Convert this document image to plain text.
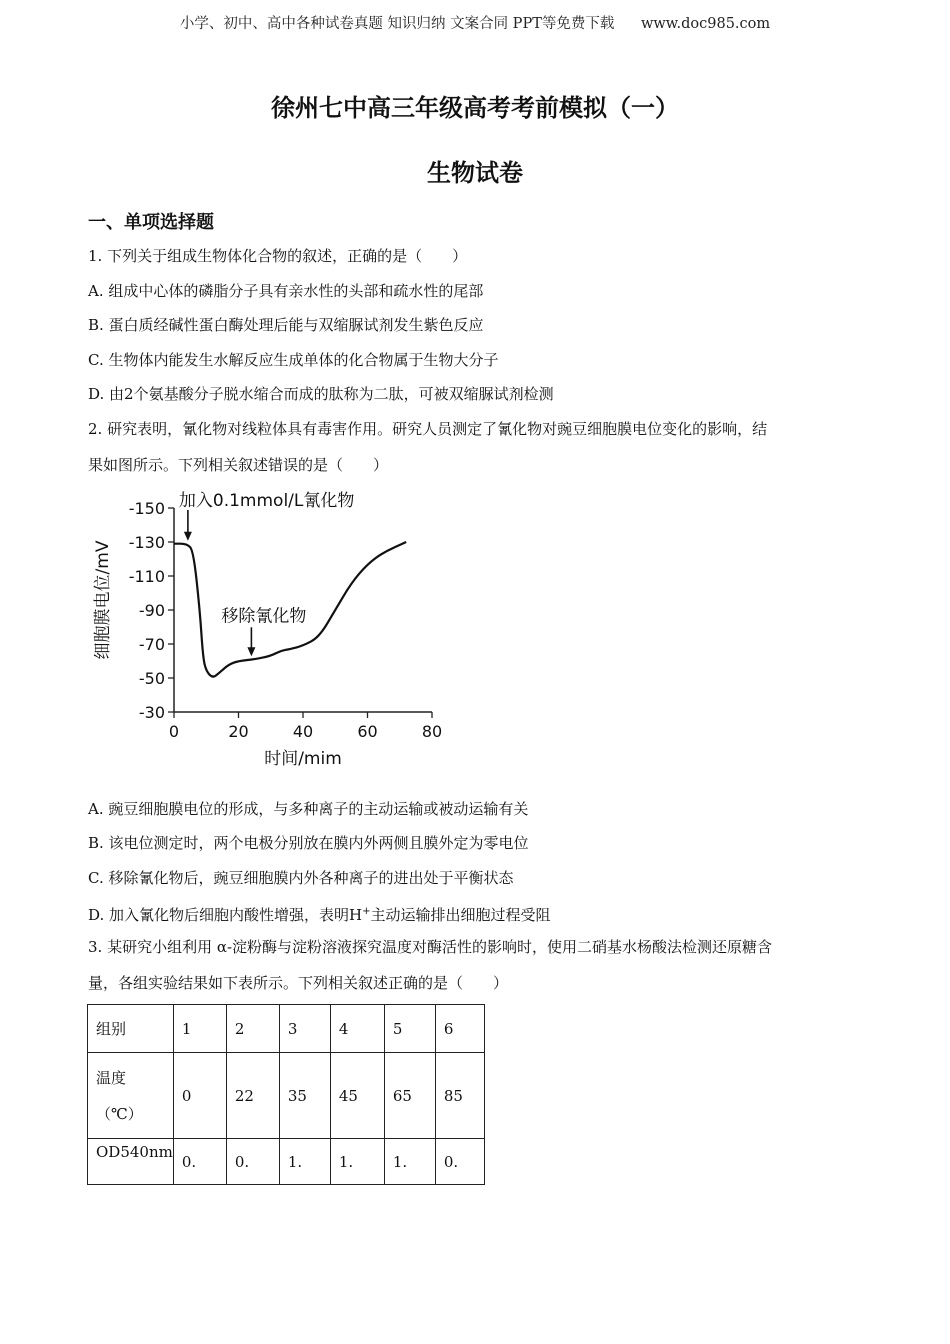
小学、初中、高中各种试卷真题 知识归纳 文案合同 PPT等免费下载 www.doc985.com
徐州七中高三年级高考考前模拟（一）
生物试卷
一、单项选择题
1. 下列关于组成生物体化合物的叙述，正确的是（　　）
A. 组成中心体的磷脂分子具有亲水性的头部和疏水性的尾部
B. 蛋白质经碱性蛋白酶处理后能与双缩脲试剂发生紫色反应
C. 生物体内能发生水解反应生成单体的化合物属于生物大分子
D. 由2个氨基酸分子脱水缩合而成的肽称为二肽，可被双缩脲试剂检测
2. 研究表明，氰化物对线粒体具有毒害作用。研究人员测定了氰化物对豌豆细胞膜电位变化的影响，结
果如图所示。下列相关叙述错误的是（　　）
时间/mim
细胞膜电位/mV
-150
-130
-110
-90
-70
-50
-30
0	20	40	60	80
加入0.1mmol/L氰化物
移除氰化物
A. 豌豆细胞膜电位的形成，与多种离子的主动运输或被动运输有关
B. 该电位测定时，两个电极分别放在膜内外两侧且膜外定为零电位
C. 移除氰化物后，豌豆细胞膜内外各种离子的进出处于平衡状态
D. 加入氰化物后细胞内酸性增强，表明H+主动运输排出细胞过程受阻
3. 某研究小组利用 α-淀粉酶与淀粉溶液探究温度对酶活性的影响时，使用二硝基水杨酸法检测还原糖含
量，各组实验结果如下表所示。下列相关叙述正确的是（　　）
组别	1	2	3	4	5	6

温度
（℃）	0	22	35	45	65	85
OD540nm	0.	0.	1.	1.	1.	0.
